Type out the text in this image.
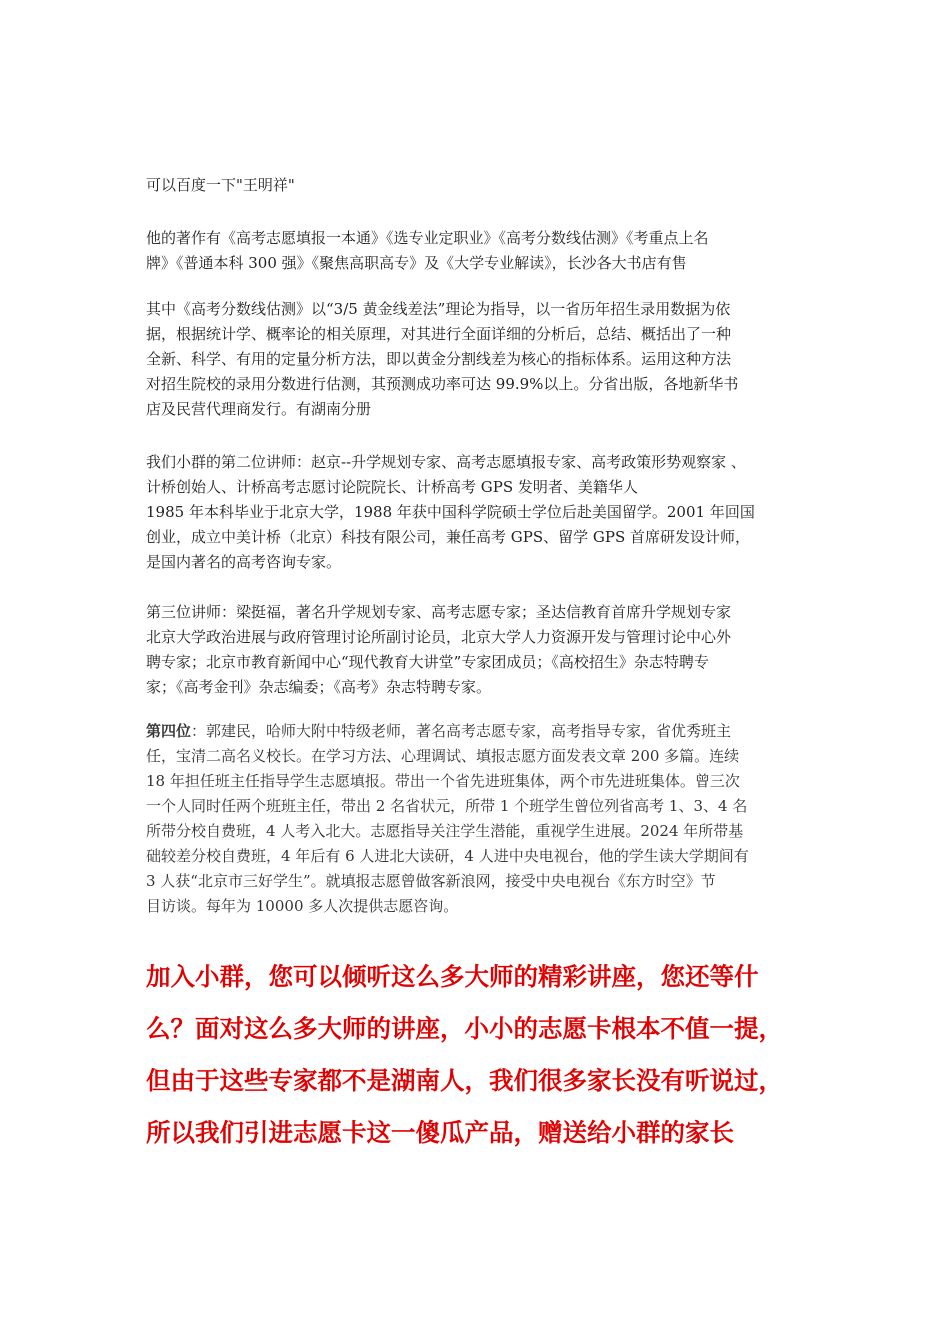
可以百度一下"王明祥"

他的著作有《高考志愿填报一本通》《选专业定职业》《高考分数线估测》《考重点上名
牌》《普通本科 300 强》《聚焦高职高专》及《大学专业解读》，长沙各大书店有售

其中《高考分数线估测》以“3/5 黄金线差法”理论为指导，以一省历年招生录用数据为依
据，根据统计学、概率论的相关原理，对其进行全面详细的分析后，总结、概括出了一种
全新、科学、有用的定量分析方法，即以黄金分割线差为核心的指标体系。运用这种方法
对招生院校的录用分数进行估测，其预测成功率可达 99.9%以上。分省出版，各地新华书
店及民营代理商发行。有湖南分册

我们小群的第二位讲师：赵京--升学规划专家、高考志愿填报专家、高考政策形势观察家 、
计桥创始人、计桥高考志愿讨论院院长、计桥高考 GPS 发明者、美籍华人
1985 年本科毕业于北京大学，1988 年获中国科学院硕士学位后赴美国留学。2001 年回国
创业，成立中美计桥（北京）科技有限公司，兼任高考 GPS、留学 GPS 首席研发设计师，
是国内著名的高考咨询专家。

第三位讲师：梁挺福，著名升学规划专家、高考志愿专家；圣达信教育首席升学规划专家
北京大学政治进展与政府管理讨论所副讨论员，北京大学人力资源开发与管理讨论中心外
聘专家；北京市教育新闻中心“现代教育大讲堂”专家团成员；《高校招生》杂志特聘专
家；《高考金刊》杂志编委；《高考》杂志特聘专家。

第四位：郭建民，哈师大附中特级老师，著名高考志愿专家，高考指导专家，省优秀班主
任，宝清二高名义校长。在学习方法、心理调试、填报志愿方面发表文章 200 多篇。连续
18 年担任班主任指导学生志愿填报。带出一个省先进班集体，两个市先进班集体。曾三次
一个人同时任两个班班主任，带出 2 名省状元，所带 1 个班学生曾位列省高考 1、3、4 名
所带分校自费班，4 人考入北大。志愿指导关注学生潜能，重视学生进展。2024 年所带基
础较差分校自费班，4 年后有 6 人进北大读研，4 人进中央电视台，他的学生读大学期间有
3 人获“北京市三好学生”。就填报志愿曾做客新浪网，接受中央电视台《东方时空》节
目访谈。每年为 10000 多人次提供志愿咨询。

加入小群，您可以倾听这么多大师的精彩讲座，您还等什
么？面对这么多大师的讲座，小小的志愿卡根本不值一提，
但由于这些专家都不是湖南人，我们很多家长没有听说过，
所以我们引进志愿卡这一傻瓜产品，赠送给小群的家长
